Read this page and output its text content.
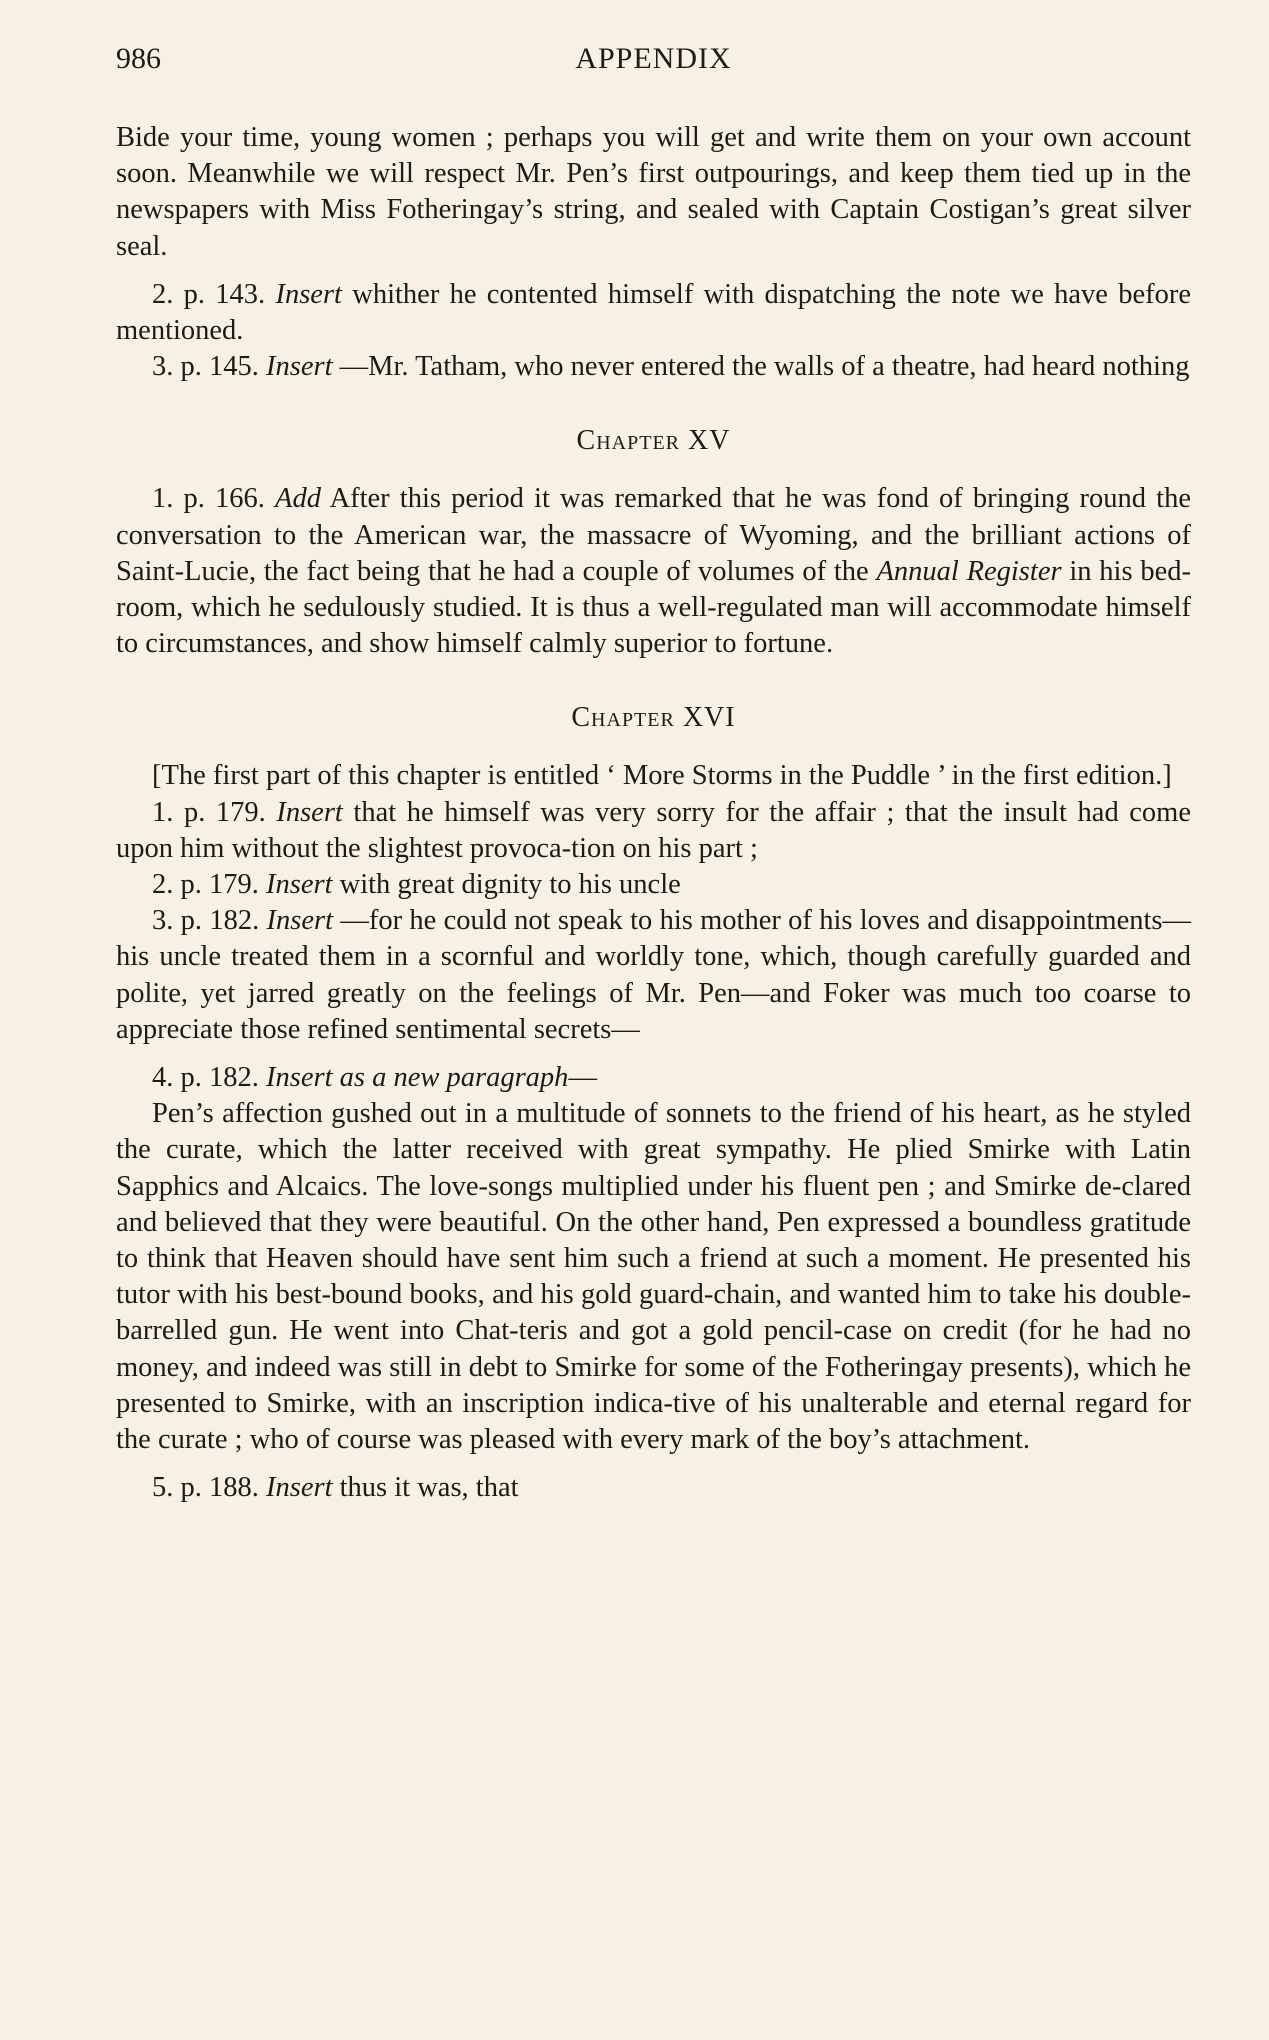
986	APPENDIX

Bide your time, young women ; perhaps you will get and write them on your own account soon. Meanwhile we will respect Mr. Pen’s first outpourings, and keep them tied up in the newspapers with Miss Fotheringay’s string, and sealed with Captain Costigan’s great silver seal.

2. p. 143. Insert whither he contented himself with dispatching the note we have before mentioned.

3. p. 145. Insert —Mr. Tatham, who never entered the walls of a theatre, had heard nothing

Chapter XV

1. p. 166. Add After this period it was remarked that he was fond of bringing round the conversation to the American war, the massacre of Wyoming, and the brilliant actions of Saint-Lucie, the fact being that he had a couple of volumes of the Annual Register in his bed-room, which he sedulously studied. It is thus a well-regulated man will accommodate himself to circumstances, and show himself calmly superior to fortune.

Chapter XVI

[The first part of this chapter is entitled ‘ More Storms in the Puddle ’ in the first edition.]

1. p. 179. Insert that he himself was very sorry for the affair ; that the insult had come upon him without the slightest provoca-tion on his part ;

2. p. 179. Insert with great dignity to his uncle

3. p. 182. Insert —for he could not speak to his mother of his loves and disappointments—his uncle treated them in a scornful and worldly tone, which, though carefully guarded and polite, yet jarred greatly on the feelings of Mr. Pen—and Foker was much too coarse to appreciate those refined sentimental secrets—

4. p. 182. Insert as a new paragraph—

Pen’s affection gushed out in a multitude of sonnets to the friend of his heart, as he styled the curate, which the latter received with great sympathy. He plied Smirke with Latin Sapphics and Alcaics. The love-songs multiplied under his fluent pen ; and Smirke de-clared and believed that they were beautiful. On the other hand, Pen expressed a boundless gratitude to think that Heaven should have sent him such a friend at such a moment. He presented his tutor with his best-bound books, and his gold guard-chain, and wanted him to take his double-barrelled gun. He went into Chat-teris and got a gold pencil-case on credit (for he had no money, and indeed was still in debt to Smirke for some of the Fotheringay presents), which he presented to Smirke, with an inscription indica-tive of his unalterable and eternal regard for the curate ; who of course was pleased with every mark of the boy’s attachment.

5. p. 188. Insert thus it was, that
